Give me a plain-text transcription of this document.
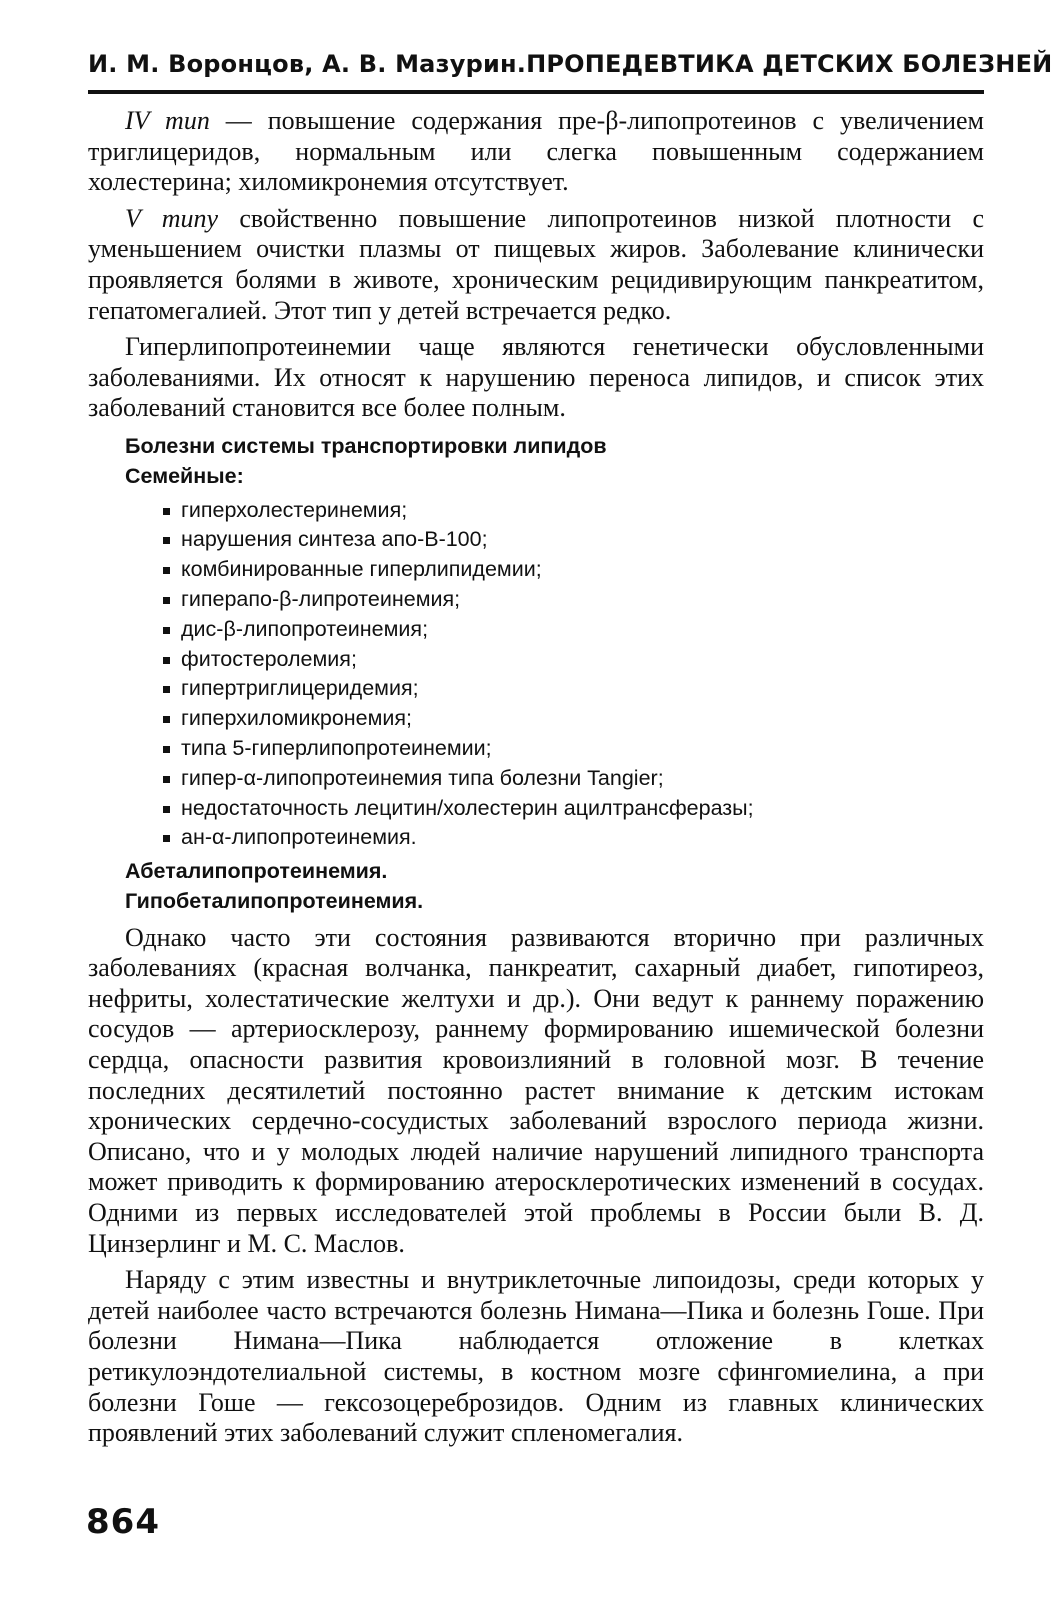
И. М. Воронцов, А. В. Мазурин. ПРОПЕДЕВТИКА ДЕТСКИХ БОЛЕЗНЕЙ

IV тип — повышение содержания пре-β-липопротеинов с увеличением триглицеридов, нормальным или слегка повышенным содержанием холестерина; хиломикронемия отсутствует.

V типу свойственно повышение липопротеинов низкой плотности с уменьшением очистки плазмы от пищевых жиров. Заболевание клинически проявляется болями в животе, хроническим рецидивирующим панкреатитом, гепатомегалией. Этот тип у детей встречается редко.

Гиперлипопротеинемии чаще являются генетически обусловленными заболеваниями. Их относят к нарушению переноса липидов, и список этих заболеваний становится все более полным.

Болезни системы транспортировки липидов

Семейные:

гиперхолестеринемия;
нарушения синтеза апо-В-100;
комбинированные гиперлипидемии;
гиперапо-β-липротеинемия;
дис-β-липопротеинемия;
фитостеролемия;
гипертриглицеридемия;
гиперхиломикронемия;
типа 5-гиперлипопротеинемии;
гипер-α-липопротеинемия типа болезни Tangier;
недостаточность лецитин/холестерин ацилтрансферазы;
ан-α-липопротеинемия.

Абеталипопротеинемия.

Гипобеталипопротеинемия.

Однако часто эти состояния развиваются вторично при различных заболеваниях (красная волчанка, панкреатит, сахарный диабет, гипотиреоз, нефриты, холестатические желтухи и др.). Они ведут к раннему поражению сосудов — артериосклерозу, раннему формированию ишемической болезни сердца, опасности развития кровоизлияний в головной мозг. В течение последних десятилетий постоянно растет внимание к детским истокам хронических сердечно-сосудистых заболеваний взрослого периода жизни. Описано, что и у молодых людей наличие нарушений липидного транспорта может приводить к формированию атеросклеротических изменений в сосудах. Одними из первых исследователей этой проблемы в России были В. Д. Цинзерлинг и М. С. Маслов.

Наряду с этим известны и внутриклеточные липоидозы, среди которых у детей наиболее часто встречаются болезнь Нимана—Пика и болезнь Гоше. При болезни Нимана—Пика наблюдается отложение в клетках ретикулоэндотелиальной системы, в костном мозге сфингомиелина, а при болезни Гоше — гексозоцереброзидов. Одним из главных клинических проявлений этих заболеваний служит спленомегалия.

864
